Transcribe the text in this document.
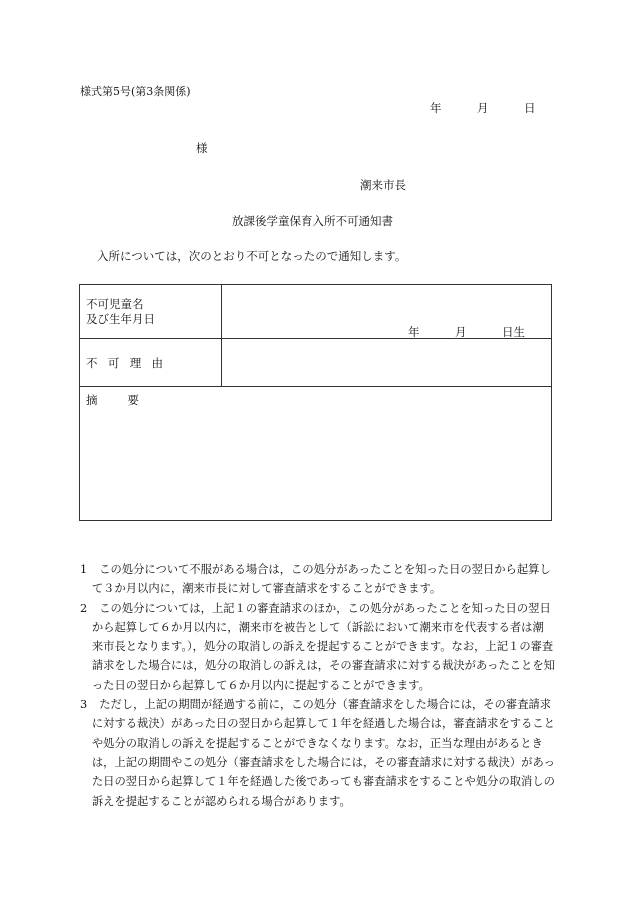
様式第5号(第3条関係)
年	月	日
様
潮来市長
放課後学童保育入所不可通知書
入所については，次のとおり不可となったので通知します。
不可児童名
及び生年月日	年 月 日生

不可理由	

摘要	

1 この処分について不服がある場合は，この処分があったことを知った日の翌日から起算して３か月以内に，潮来市長に対して審査請求をすることができます。

2 この処分については，上記１の審査請求のほか，この処分があったことを知った日の翌日から起算して６か月以内に，潮来市を被告として（訴訟において潮来市を代表する者は潮来市長となります。），処分の取消しの訴えを提起することができます。なお，上記１の審査請求をした場合には，処分の取消しの訴えは，その審査請求に対する裁決があったことを知った日の翌日から起算して６か月以内に提起することができます。

3 ただし，上記の期間が経過する前に，この処分（審査請求をした場合には，その審査請求に対する裁決）があった日の翌日から起算して１年を経過した場合は，審査請求をすることや処分の取消しの訴えを提起することができなくなります。なお，正当な理由があるときは，上記の期間やこの処分（審査請求をした場合には，その審査請求に対する裁決）があった日の翌日から起算して１年を経過した後であっても審査請求をすることや処分の取消しの訴えを提起することが認められる場合があります。
